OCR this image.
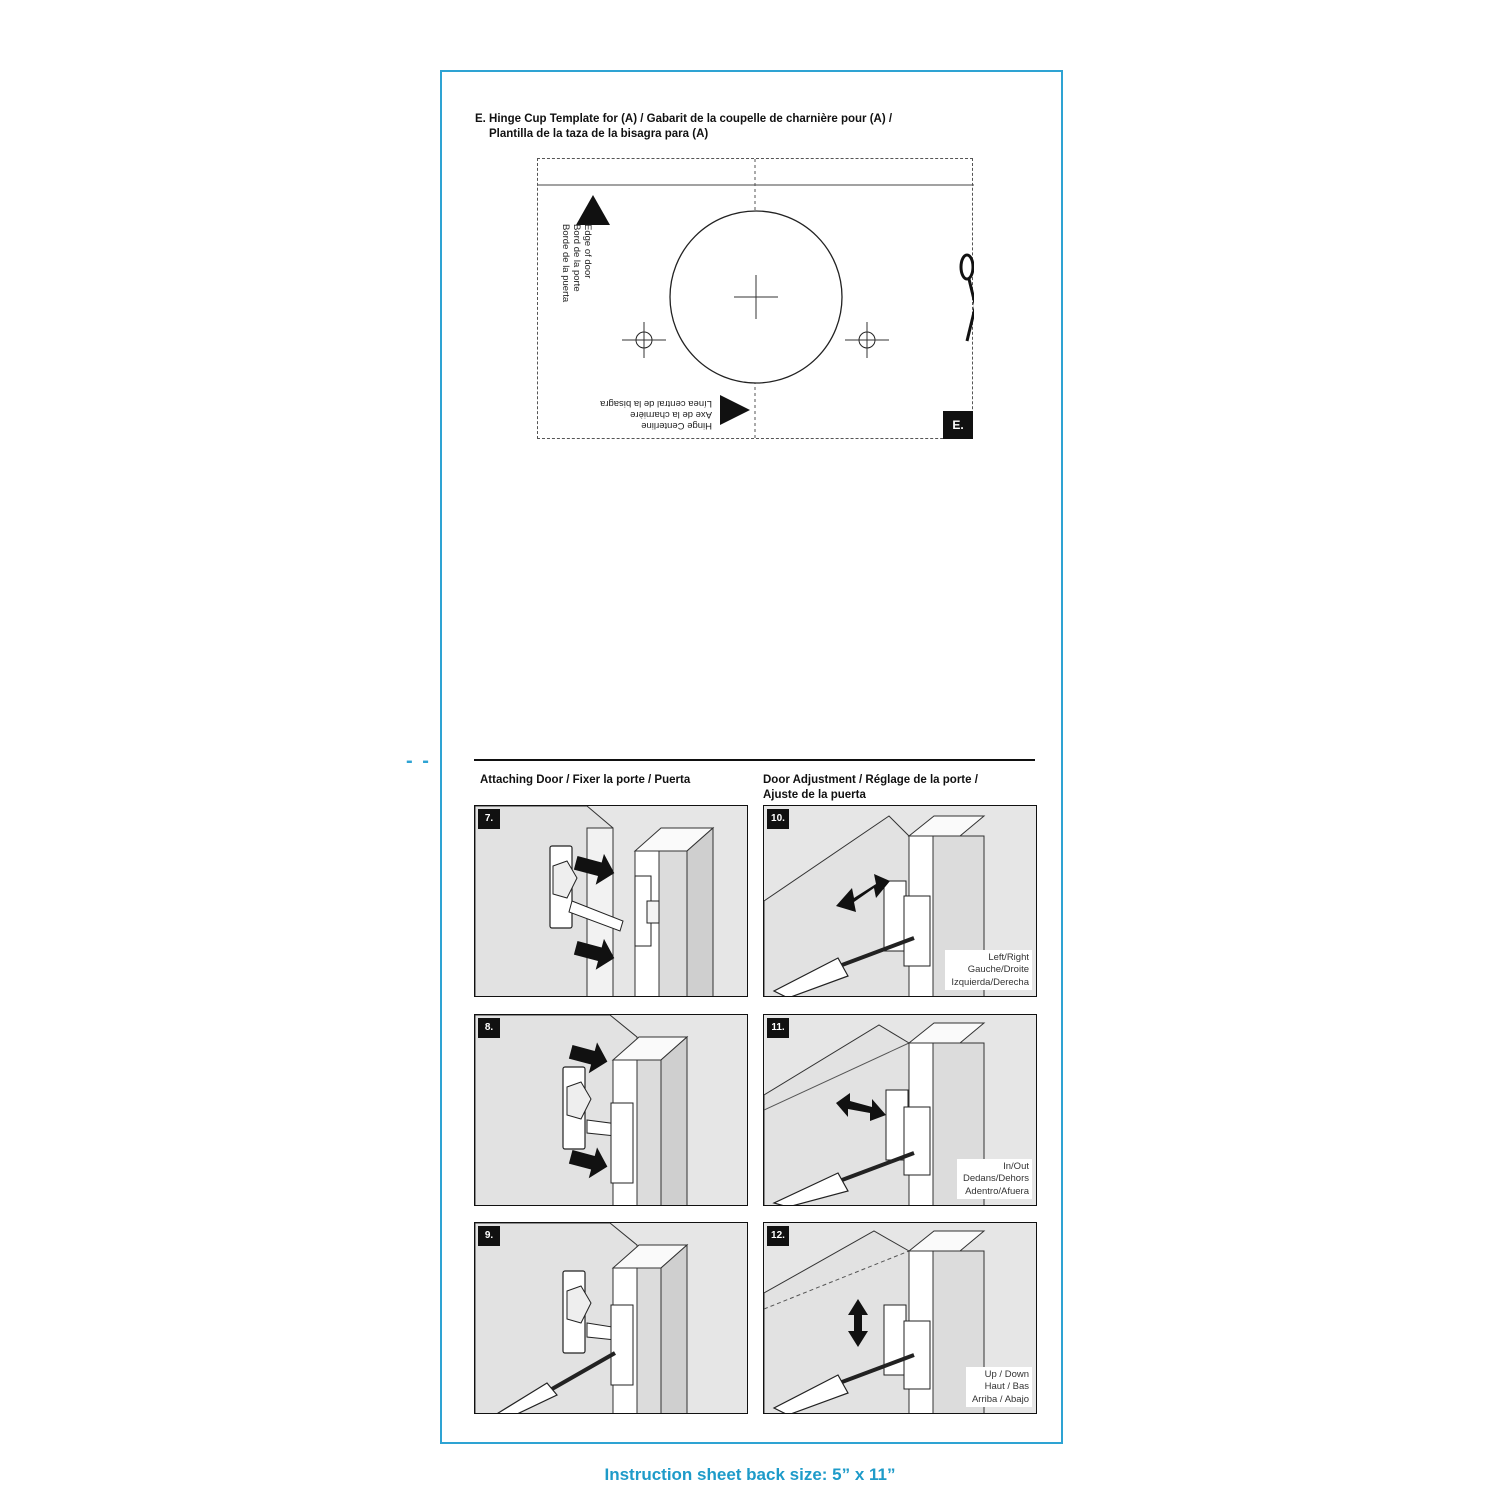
- -
E. Hinge Cup Template for (A) / Gabarit de la coupelle de charnière pour (A) /
Plantilla de la taza de la bisagra para (A)
Edge of door
Bord de la porte
Borde de la puerta
Hinge Centerline
Axe de la charnière
Línea central de la bisagra
E.
Attaching Door / Fixer la porte / Puerta	Door Adjustment / Réglage de la porte /
Ajuste de la puerta
7.
8.
9.
10.
Left/Right
Gauche/Droite
Izquierda/Derecha
11.
In/Out
Dedans/Dehors
Adentro/Afuera
12.
Up / Down
Haut / Bas
Arriba / Abajo
Instruction sheet back size: 5” x 11”
